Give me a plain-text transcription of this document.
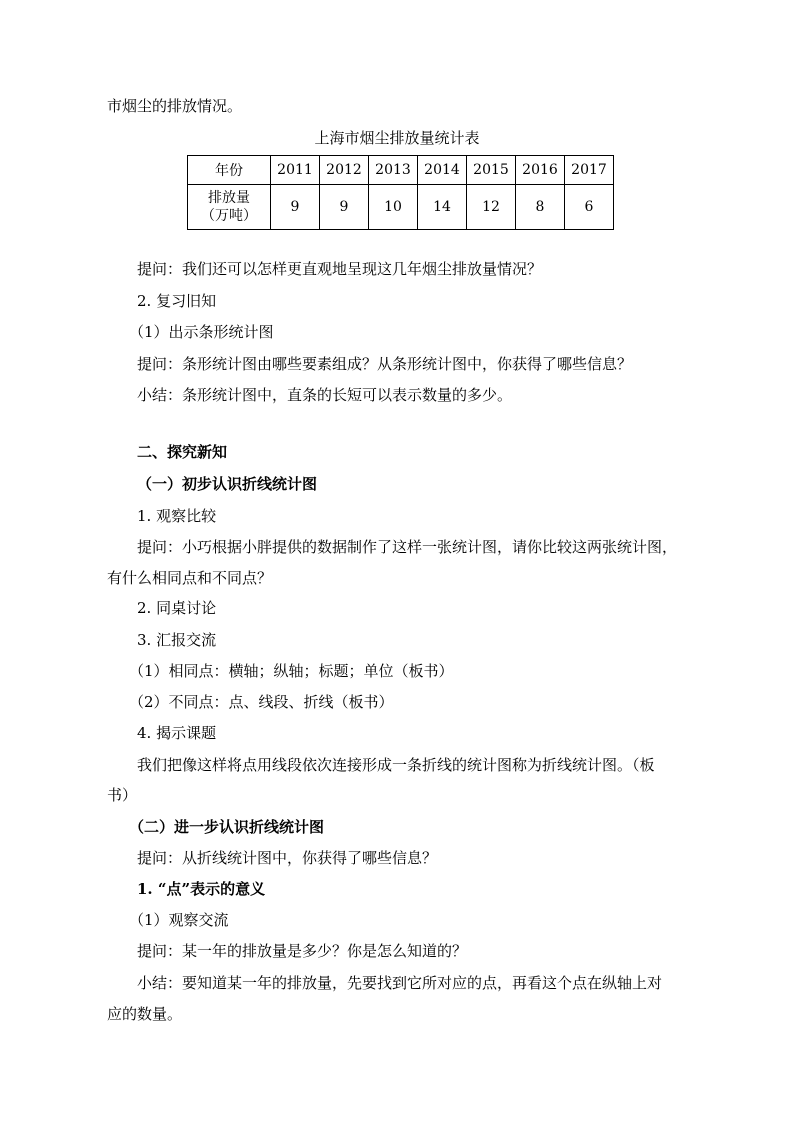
市烟尘的排放情况。
上海市烟尘排放量统计表
年份	2011	2012	2013	2014	2015	2016	2017

排放量
（万吨）	9	9	10	14	12	8	6
提问：我们还可以怎样更直观地呈现这几年烟尘排放量情况？
2. 复习旧知
（1）出示条形统计图
提问：条形统计图由哪些要素组成？从条形统计图中，你获得了哪些信息？
小结：条形统计图中，直条的长短可以表示数量的多少。
二、探究新知
（一）初步认识折线统计图
1. 观察比较
提问：小巧根据小胖提供的数据制作了这样一张统计图，请你比较这两张统计图，
有什么相同点和不同点？
2. 同桌讨论
3. 汇报交流
（1）相同点：横轴；纵轴；标题；单位（板书）
（2）不同点：点、线段、折线（板书）
4. 揭示课题
我们把像这样将点用线段依次连接形成一条折线的统计图称为折线统计图。（板
书）
（二）进一步认识折线统计图
提问：从折线统计图中，你获得了哪些信息？
1. “点”表示的意义
（1）观察交流
提问：某一年的排放量是多少？你是怎么知道的？
小结：要知道某一年的排放量，先要找到它所对应的点，再看这个点在纵轴上对
应的数量。
